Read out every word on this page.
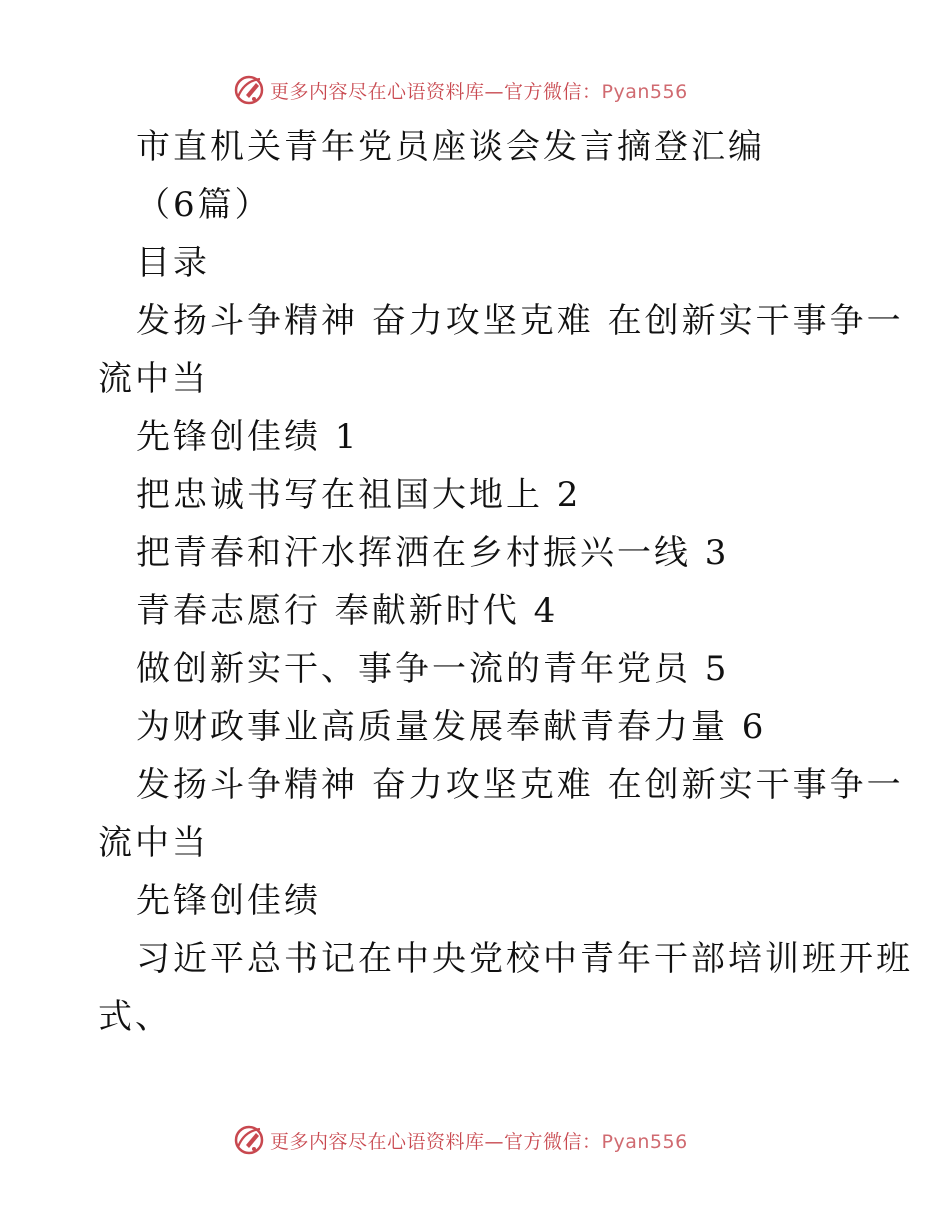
更多内容尽在心语资料库—官方微信：Pyan556
市直机关青年党员座谈会发言摘登汇编
（6篇）
目录
发扬斗争精神 奋力攻坚克难 在创新实干事争一
流中当
先锋创佳绩 1
把忠诚书写在祖国大地上 2
把青春和汗水挥洒在乡村振兴一线 3
青春志愿行 奉献新时代 4
做创新实干、事争一流的青年党员 5
为财政事业高质量发展奉献青春力量 6
发扬斗争精神 奋力攻坚克难 在创新实干事争一
流中当
先锋创佳绩
习近平总书记在中央党校中青年干部培训班开班
式、
更多内容尽在心语资料库—官方微信：Pyan556
